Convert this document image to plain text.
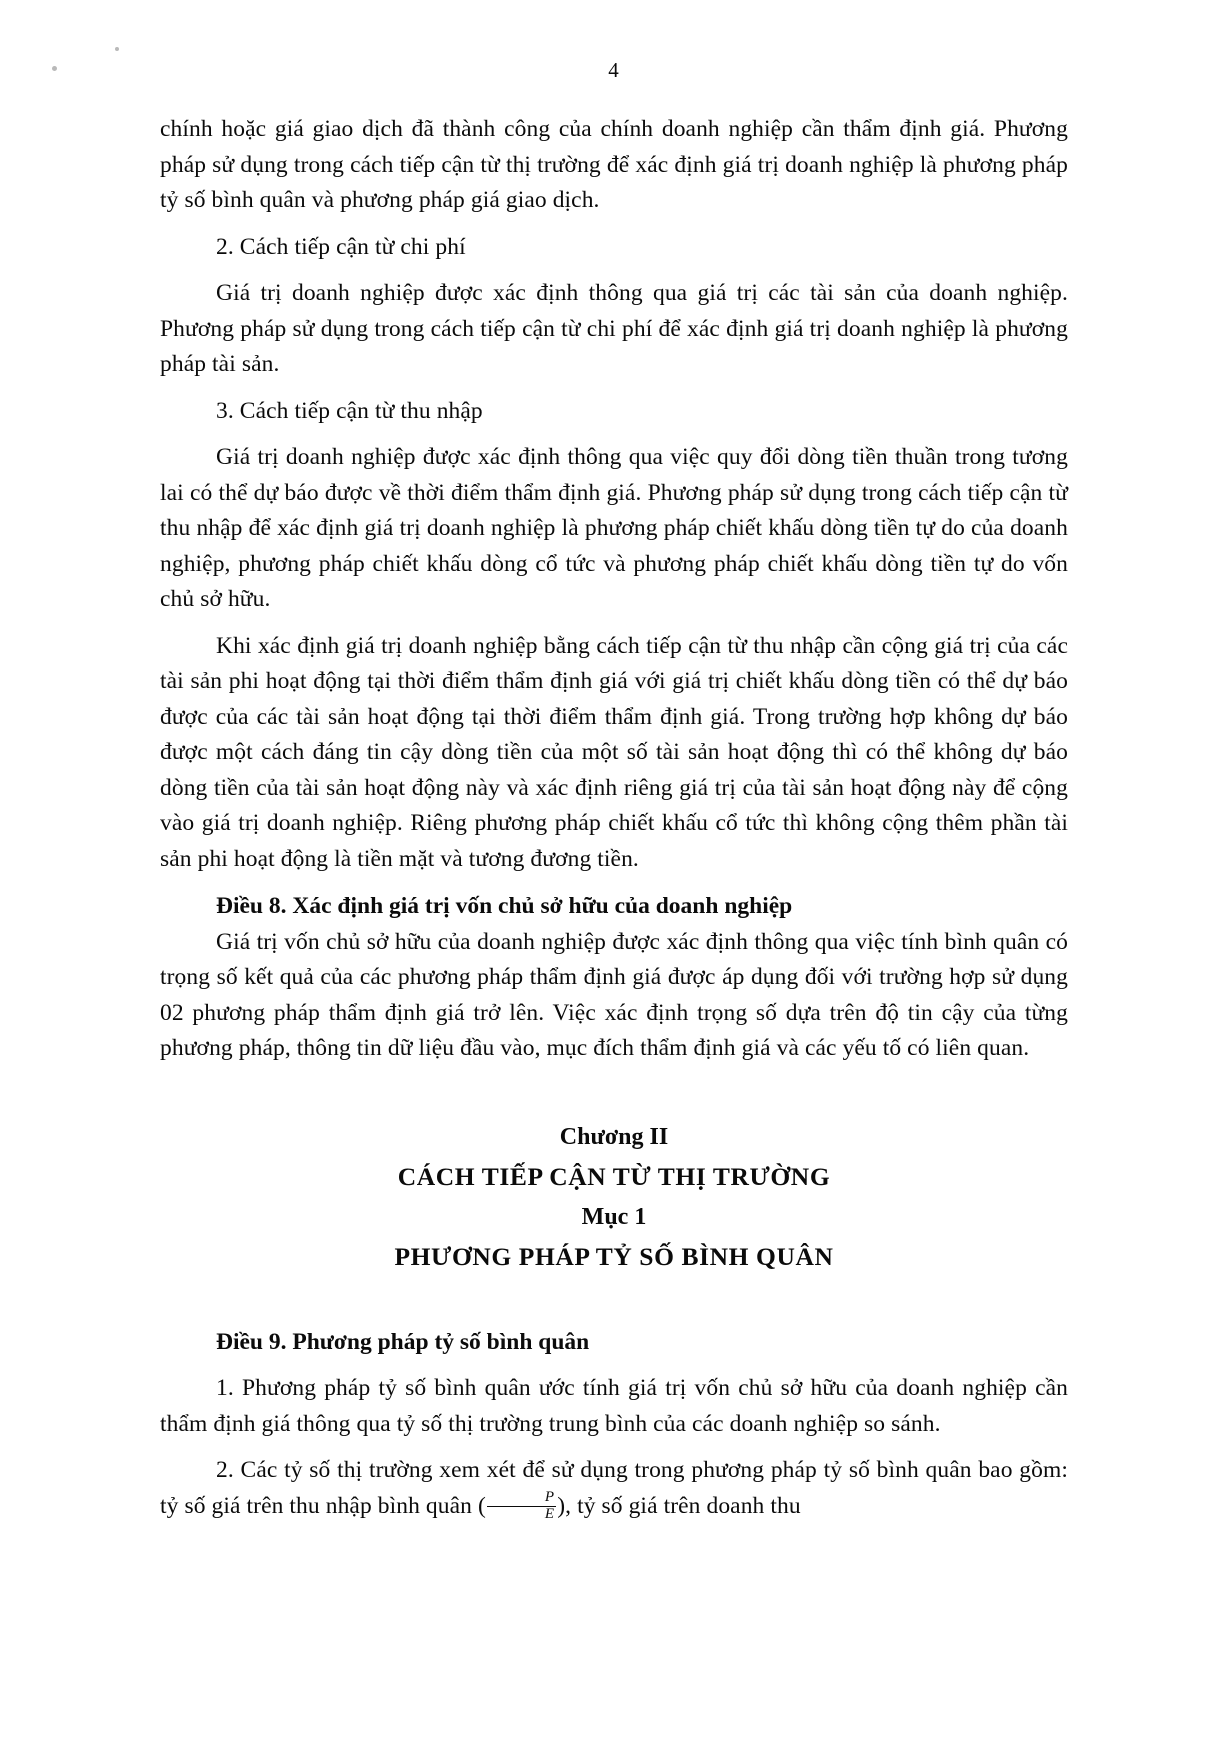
4

chính hoặc giá giao dịch đã thành công của chính doanh nghiệp cần thẩm định giá. Phương pháp sử dụng trong cách tiếp cận từ thị trường để xác định giá trị doanh nghiệp là phương pháp tỷ số bình quân và phương pháp giá giao dịch.

2. Cách tiếp cận từ chi phí

Giá trị doanh nghiệp được xác định thông qua giá trị các tài sản của doanh nghiệp. Phương pháp sử dụng trong cách tiếp cận từ chi phí để xác định giá trị doanh nghiệp là phương pháp tài sản.

3. Cách tiếp cận từ thu nhập

Giá trị doanh nghiệp được xác định thông qua việc quy đổi dòng tiền thuần trong tương lai có thể dự báo được về thời điểm thẩm định giá. Phương pháp sử dụng trong cách tiếp cận từ thu nhập để xác định giá trị doanh nghiệp là phương pháp chiết khấu dòng tiền tự do của doanh nghiệp, phương pháp chiết khấu dòng cổ tức và phương pháp chiết khấu dòng tiền tự do vốn chủ sở hữu.

Khi xác định giá trị doanh nghiệp bằng cách tiếp cận từ thu nhập cần cộng giá trị của các tài sản phi hoạt động tại thời điểm thẩm định giá với giá trị chiết khấu dòng tiền có thể dự báo được của các tài sản hoạt động tại thời điểm thẩm định giá. Trong trường hợp không dự báo được một cách đáng tin cậy dòng tiền của một số tài sản hoạt động thì có thể không dự báo dòng tiền của tài sản hoạt động này và xác định riêng giá trị của tài sản hoạt động này để cộng vào giá trị doanh nghiệp. Riêng phương pháp chiết khấu cổ tức thì không cộng thêm phần tài sản phi hoạt động là tiền mặt và tương đương tiền.

Điều 8. Xác định giá trị vốn chủ sở hữu của doanh nghiệp

Giá trị vốn chủ sở hữu của doanh nghiệp được xác định thông qua việc tính bình quân có trọng số kết quả của các phương pháp thẩm định giá được áp dụng đối với trường hợp sử dụng 02 phương pháp thẩm định giá trở lên. Việc xác định trọng số dựa trên độ tin cậy của từng phương pháp, thông tin dữ liệu đầu vào, mục đích thẩm định giá và các yếu tố có liên quan.

Chương II
CÁCH TIẾP CẬN TỪ THỊ TRƯỜNG
Mục 1
PHƯƠNG PHÁP TỶ SỐ BÌNH QUÂN
Điều 9. Phương pháp tỷ số bình quân

1. Phương pháp tỷ số bình quân ước tính giá trị vốn chủ sở hữu của doanh nghiệp cần thẩm định giá thông qua tỷ số thị trường trung bình của các doanh nghiệp so sánh.

2. Các tỷ số thị trường xem xét để sử dụng trong phương pháp tỷ số bình quân bao gồm: tỷ số giá trên thu nhập bình quân ( $\frac{P}{E}$ ), tỷ số giá trên doanh thu
